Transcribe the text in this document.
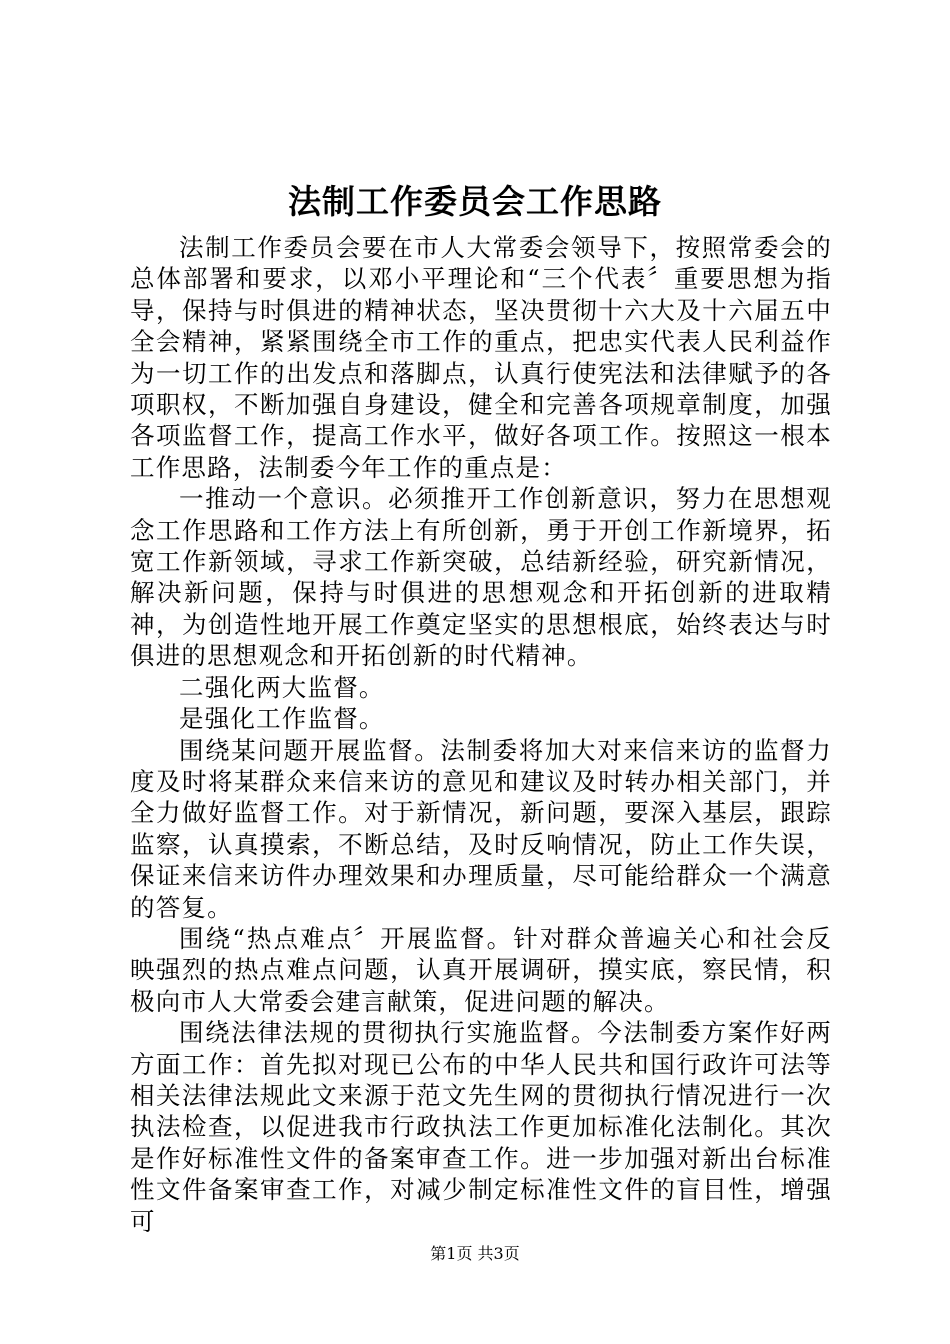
法制工作委员会工作思路

法制工作委员会要在市人大常委会领导下，按照常委会的总体部署和要求，以邓小平理论和“三个代表〞重要思想为指导，保持与时俱进的精神状态，坚决贯彻十六大及十六届五中全会精神，紧紧围绕全市工作的重点，把忠实代表人民利益作为一切工作的出发点和落脚点，认真行使宪法和法律赋予的各项职权，不断加强自身建设，健全和完善各项规章制度，加强各项监督工作，提高工作水平，做好各项工作。按照这一根本工作思路，法制委今年工作的重点是：

一推动一个意识。必须推开工作创新意识，努力在思想观念工作思路和工作方法上有所创新，勇于开创工作新境界，拓宽工作新领域，寻求工作新突破，总结新经验，研究新情况，解决新问题，保持与时俱进的思想观念和开拓创新的进取精神，为创造性地开展工作奠定坚实的思想根底，始终表达与时俱进的思想观念和开拓创新的时代精神。

二强化两大监督。

是强化工作监督。

围绕某问题开展监督。法制委将加大对来信来访的监督力度及时将某群众来信来访的意见和建议及时转办相关部门，并全力做好监督工作。对于新情况，新问题，要深入基层，跟踪监察，认真摸索，不断总结，及时反响情况，防止工作失误，保证来信来访件办理效果和办理质量，尽可能给群众一个满意的答复。

围绕“热点难点〞开展监督。针对群众普遍关心和社会反映强烈的热点难点问题，认真开展调研，摸实底，察民情，积极向市人大常委会建言献策，促进问题的解决。

围绕法律法规的贯彻执行实施监督。今法制委方案作好两方面工作：首先拟对现已公布的中华人民共和国行政许可法等相关法律法规此文来源于范文先生网的贯彻执行情况进行一次执法检查，以促进我市行政执法工作更加标准化法制化。其次是作好标准性文件的备案审查工作。进一步加强对新出台标准性文件备案审查工作，对减少制定标准性文件的盲目性，增强可

第1页 共3页
